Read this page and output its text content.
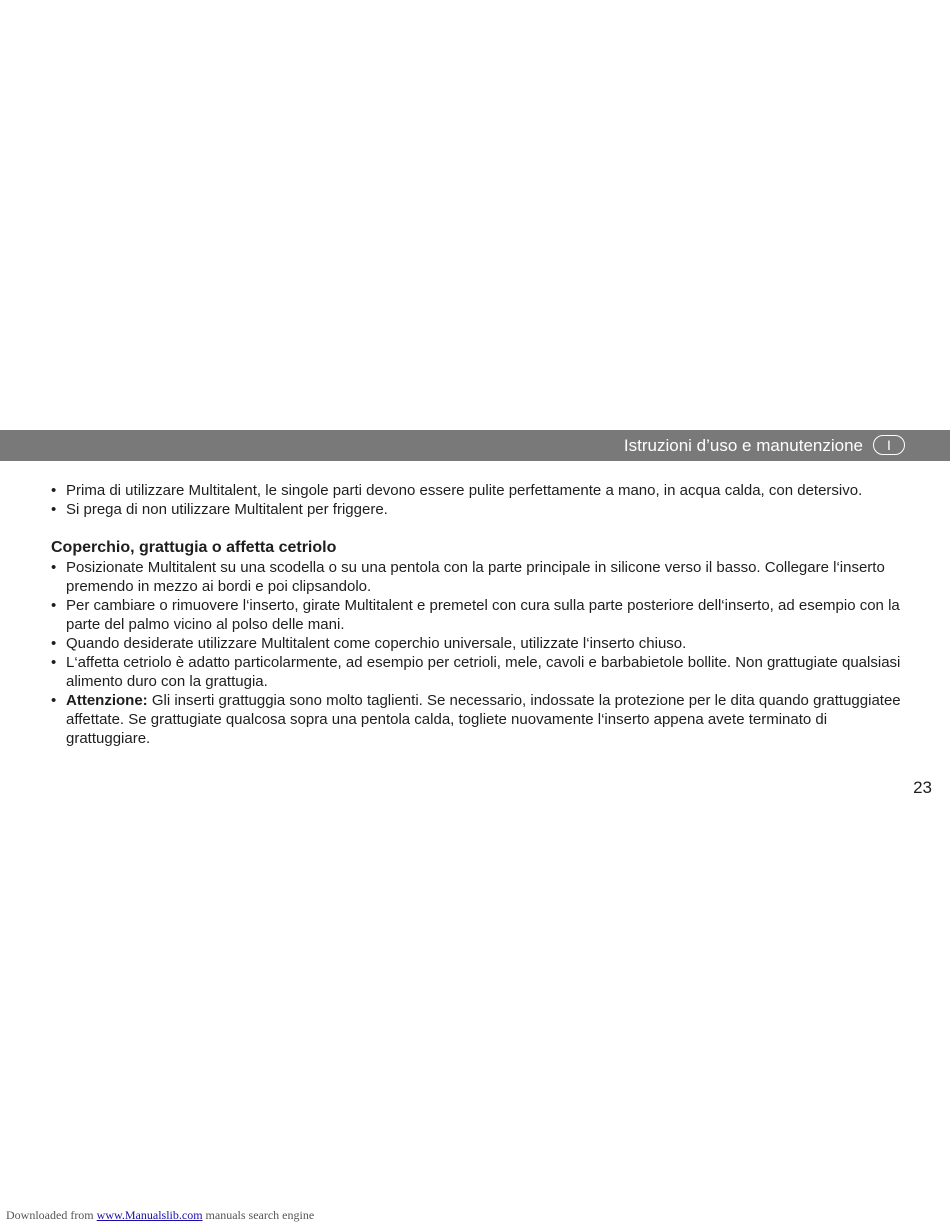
Istruzioni d’uso e manutenzione	I
• Prima di utilizzare Multitalent, le singole parti devono essere pulite perfettamente a mano, in acqua calda, con detersivo.
• Si prega di non utilizzare Multitalent per friggere.
Coperchio, grattugia o affetta cetriolo
• Posizionate Multitalent su una scodella o su una pentola con la parte principale in silicone verso il basso. Collegare l‘inserto premendo in mezzo ai bordi e poi clipsandolo.
• Per cambiare o rimuovere l‘inserto, girate Multitalent e premetel con cura sulla parte posteriore dell‘inserto, ad esempio con la parte del palmo vicino al polso delle mani.
• Quando desiderate utilizzare Multitalent come coperchio universale, utilizzate l‘inserto chiuso.
• L‘affetta cetriolo è adatto particolarmente, ad esempio per cetrioli, mele, cavoli e barbabietole bollite. Non grattugiate qualsiasi alimento duro con la grattugia.
• Attenzione: Gli inserti grattuggia sono molto taglienti. Se necessario, indossate la protezione per le dita quando grattuggiatee affettate. Se grattugiate qualcosa sopra una pentola calda, togliete nuovamente l‘inserto appena avete terminato di grattuggiare.
23
Downloaded from www.Manualslib.com manuals search engine
